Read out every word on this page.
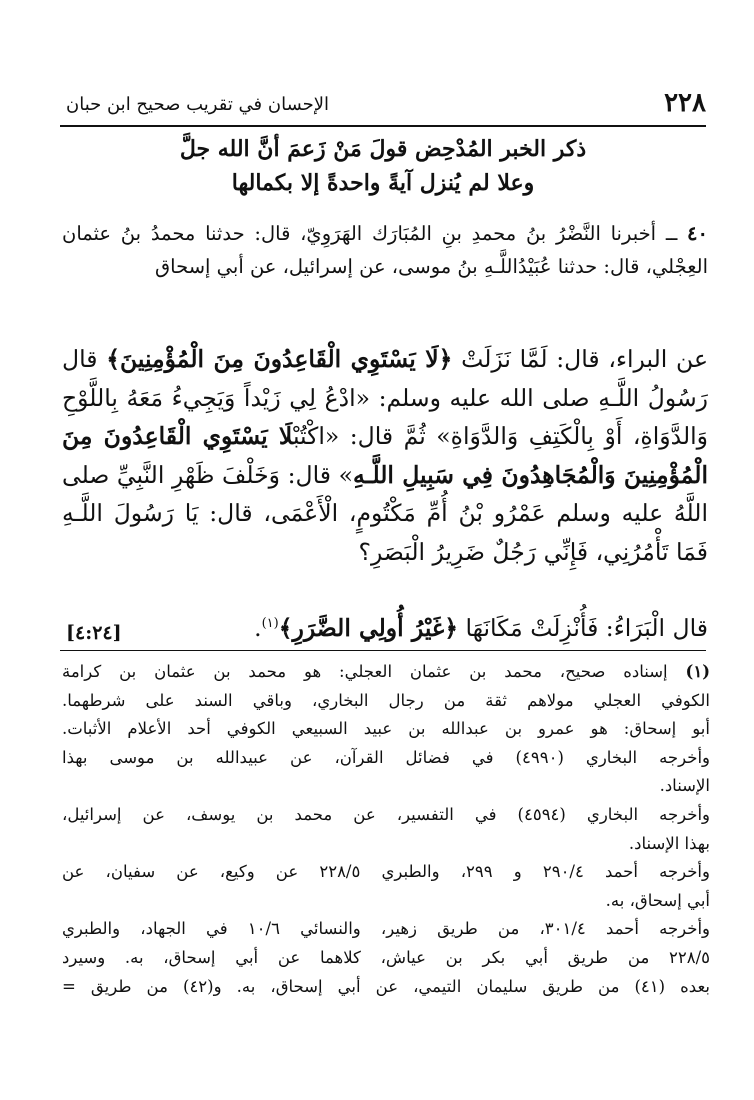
٢٢٨
الإحسان في تقريب صحيح ابن حبان
ذكر الخبر المُدْحِض قولَ مَنْ زَعمَ أنَّ الله جلَّ
وعلا لم يُنزل آيةً واحدةً إلا بكمالها
٤٠ ــ أخبرنا النَّضْرُ بنُ محمدِ بنِ المُبَارَك الهَرَوِيّ، قال: حدثنا محمدُ بنُ عثمان العِجْلي، قال: حدثنا عُبَيْدُاللَّـهِ بنُ موسى، عن إسرائيل، عن أبي إسحاق
عن البراء، قال: لَمَّا نَزَلَتْ ﴿لَا يَسْتَوِي الْقَاعِدُونَ مِنَ الْمُؤْمِنِينَ﴾ قال رَسُولُ اللَّـهِ صلى الله عليه وسلم: «ادْعُ لِي زَيْداً وَيَجِيءُ مَعَهُ بِاللَّوْحِ وَالدَّوَاةِ، أَوْ بِالْكَتِفِ وَالدَّوَاةِ» ثُمَّ قال: «اكْتُبْلَا يَسْتَوِي الْقَاعِدُونَ مِنَ الْمُؤْمِنِينَ وَالْمُجَاهِدُونَ فِي سَبِيلِ اللَّـهِ» قال: وَخَلْفَ ظَهْرِ النَّبِيِّ صلى اللَّهُ عليه وسلم عَمْرُو بْنُ أُمِّ مَكْتُومٍ، الْأَعْمَى، قال: يَا رَسُولَ اللَّـهِ فَمَا تَأْمُرُنِي، فَإِنِّي رَجُلٌ ضَرِيرُ الْبَصَرِ؟
قال الْبَرَاءُ: فَأُنْزِلَتْ مَكَانَهَا ﴿غَيْرُ أُولِي الضَّرَرِ﴾$^{(١)}$.
[٤:٢٤]
(١) إسناده صحيح، محمد بن عثمان العجلي: هو محمد بن عثمان بن كرامة
الكوفي العجلي مولاهم ثقة من رجال البخاري، وباقي السند على شرطهما.
أبو إسحاق: هو عمرو بن عبدالله بن عبيد السبيعي الكوفي أحد الأعلام الأثبات.
وأخرجه البخاري (٤٩٩٠) في فضائل القرآن، عن عبيدالله بن موسى بهذا
الإسناد.
وأخرجه البخاري (٤٥٩٤) في التفسير، عن محمد بن يوسف، عن إسرائيل،
بهذا الإسناد.
وأخرجه أحمد ٢٩٠/٤ و ٢٩٩، والطبري ٢٢٨/٥ عن وكيع، عن سفيان، عن
أبي إسحاق، به.
وأخرجه أحمد ٣٠١/٤، من طريق زهير، والنسائي ١٠/٦ في الجهاد، والطبري
٢٢٨/٥ من طريق أبي بكر بن عياش، كلاهما عن أبي إسحاق، به. وسيرد
بعده (٤١) من طريق سليمان التيمي، عن أبي إسحاق، به. و(٤٢) من طريق =
